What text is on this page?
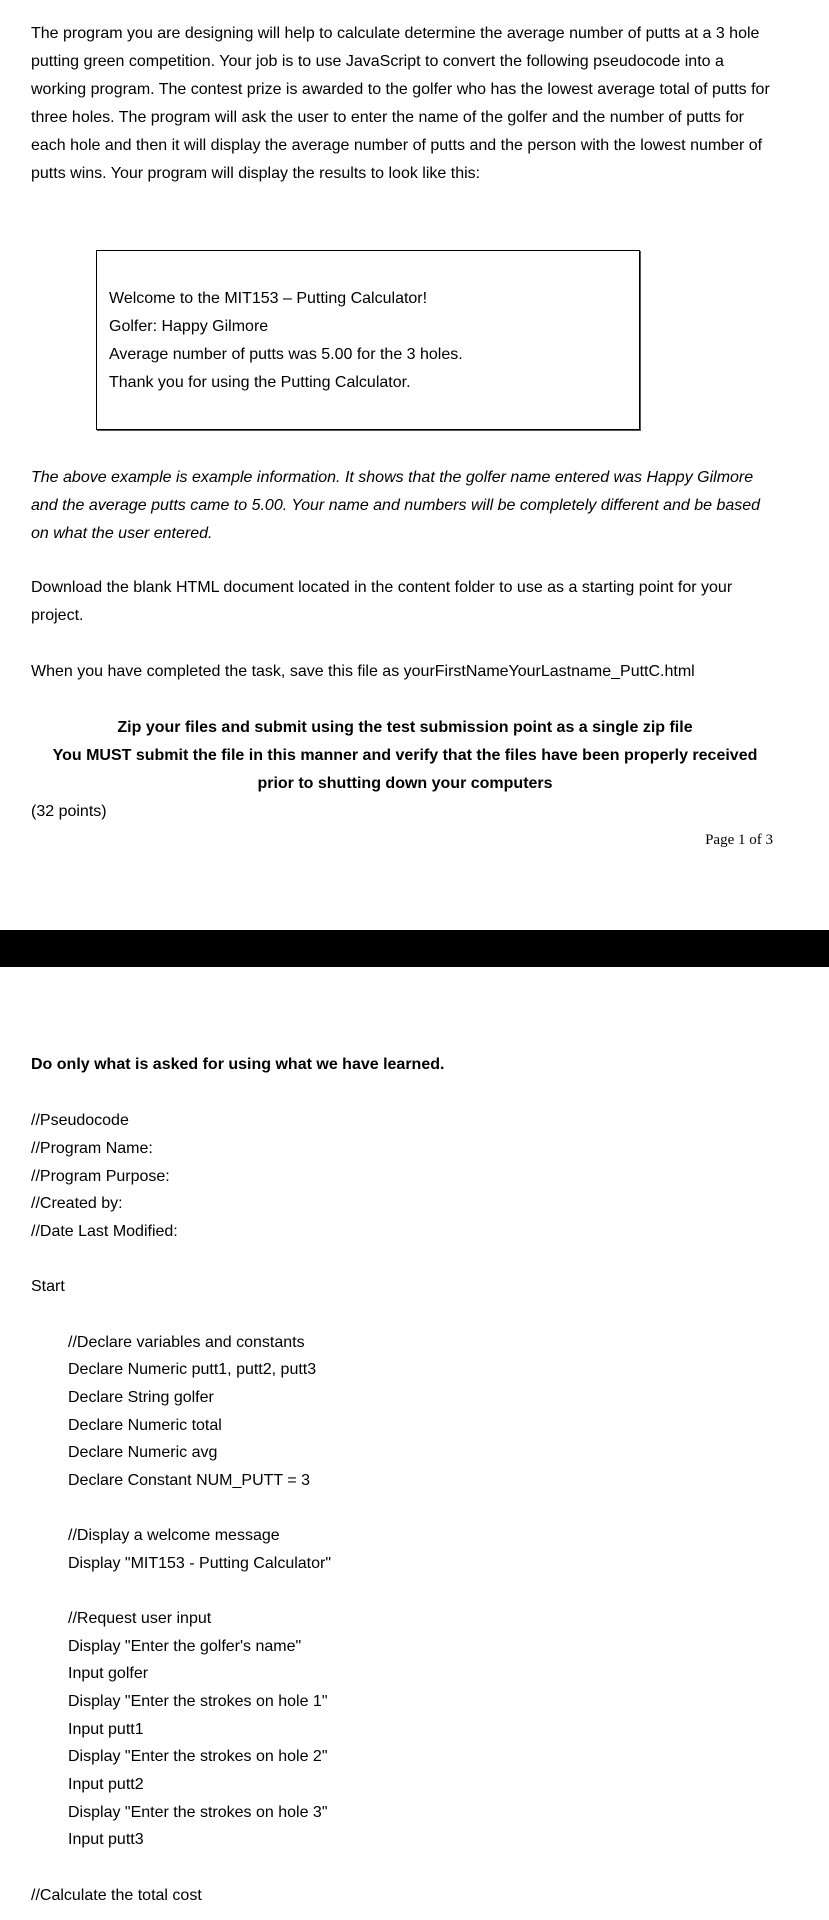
The program you are designing will help to calculate determine the average number of putts at a 3 hole putting green competition. Your job is to use JavaScript to convert the following pseudocode into a working program. The contest prize is awarded to the golfer who has the lowest average total of putts for three holes. The program will ask the user to enter the name of the golfer and the number of putts for each hole and then it will display the average number of putts and the person with the lowest number of putts wins. Your program will display the results to look like this:

Welcome to the MIT153 – Putting Calculator!
Golfer: Happy Gilmore
Average number of putts was 5.00 for the 3 holes.
Thank you for using the Putting Calculator.

The above example is example information. It shows that the golfer name entered was Happy Gilmore and the average putts came to 5.00. Your name and numbers will be completely different and be based on what the user entered.

Download the blank HTML document located in the content folder to use as a starting point for your project.

When you have completed the task, save this file as yourFirstNameYourLastname_PuttC.html

Zip your files and submit using the test submission point as a single zip file

You MUST submit the file in this manner and verify that the files have been properly received prior to shutting down your computers

(32 points)

Page 1 of 3

Do only what is asked for using what we have learned.

//Pseudocode
//Program Name:
//Program Purpose:
//Created by:
//Date Last Modified:
Start
//Declare variables and constants
Declare Numeric putt1, putt2, putt3
Declare String golfer
Declare Numeric total
Declare Numeric avg
Declare Constant NUM_PUTT = 3
//Display a welcome message
Display "MIT153 - Putting Calculator"
//Request user input
Display "Enter the golfer's name"
Input golfer
Display "Enter the strokes on hole 1"
Input putt1
Display "Enter the strokes on hole 2"
Input putt2
Display "Enter the strokes on hole 3"
Input putt3
//Calculate the total cost
